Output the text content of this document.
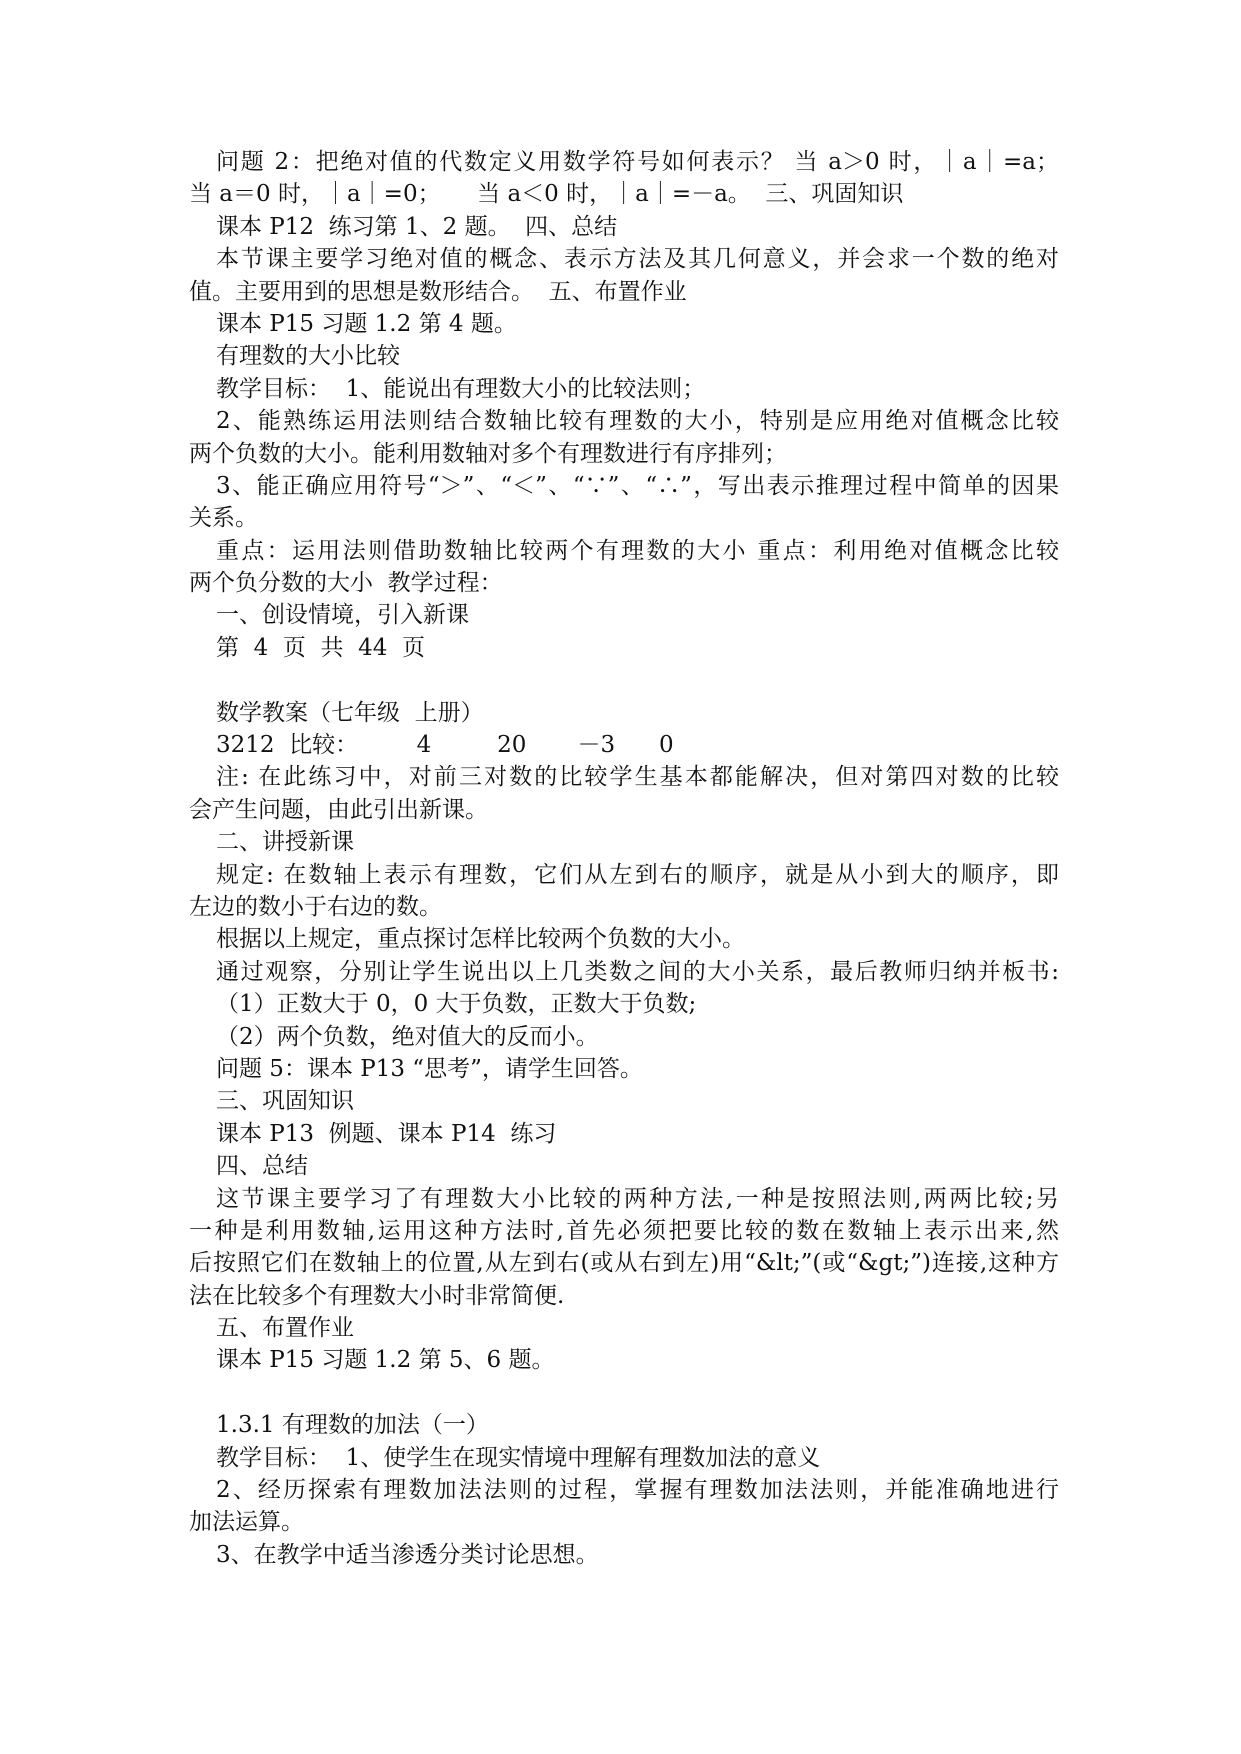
问题 2：把绝对值的代数定义用数学符号如何表示？ 当 a＞0 时，｜a｜=a；
当 a＝0 时，｜a｜=0；     当 a＜0 时，｜a｜=－a。  三、巩固知识
课本 P12  练习第 1、2 题。  四、总结
本节课主要学习绝对值的概念、表示方法及其几何意义，并会求一个数的绝对
值。主要用到的思想是数形结合。  五、布置作业
课本 P15 习题 1.2 第 4 题。
有理数的大小比较
教学目标：  1、能说出有理数大小的比较法则；
2、能熟练运用法则结合数轴比较有理数的大小，特别是应用绝对值概念比较
两个负数的大小。能利用数轴对多个有理数进行有序排列；
3、能正确应用符号“＞”、“＜”、“∵”、“∴”，写出表示推理过程中简单的因果
关系。
重点：运用法则借助数轴比较两个有理数的大小 重点：利用绝对值概念比较
两个负分数的大小  教学过程：
一、创设情境，引入新课
第  4  页  共  44  页
数学教案（七年级  上册）
3212  比较：        4         20       －3      0
注: 在此练习中，对前三对数的比较学生基本都能解决，但对第四对数的比较
会产生问题，由此引出新课。
二、讲授新课
规定: 在数轴上表示有理数，它们从左到右的顺序，就是从小到大的顺序，即
左边的数小于右边的数。
根据以上规定，重点探讨怎样比较两个负数的大小。
通过观察，分别让学生说出以上几类数之间的大小关系，最后教师归纳并板书:
（1）正数大于 0，0 大于负数，正数大于负数;
（2）两个负数，绝对值大的反而小。
问题 5：课本 P13 “思考”，请学生回答。
三、巩固知识
课本 P13  例题、课本 P14  练习
四、总结
这节课主要学习了有理数大小比较的两种方法,一种是按照法则,两两比较;另
一种是利用数轴,运用这种方法时,首先必须把要比较的数在数轴上表示出来,然
后按照它们在数轴上的位置,从左到右(或从右到左)用“&lt;”(或“&gt;”)连接,这种方
法在比较多个有理数大小时非常简便.
五、布置作业
课本 P15 习题 1.2 第 5、6 题。
1.3.1 有理数的加法（一）
教学目标：  1、使学生在现实情境中理解有理数加法的意义
2、经历探索有理数加法法则的过程，掌握有理数加法法则，并能准确地进行
加法运算。
3、在教学中适当渗透分类讨论思想。
